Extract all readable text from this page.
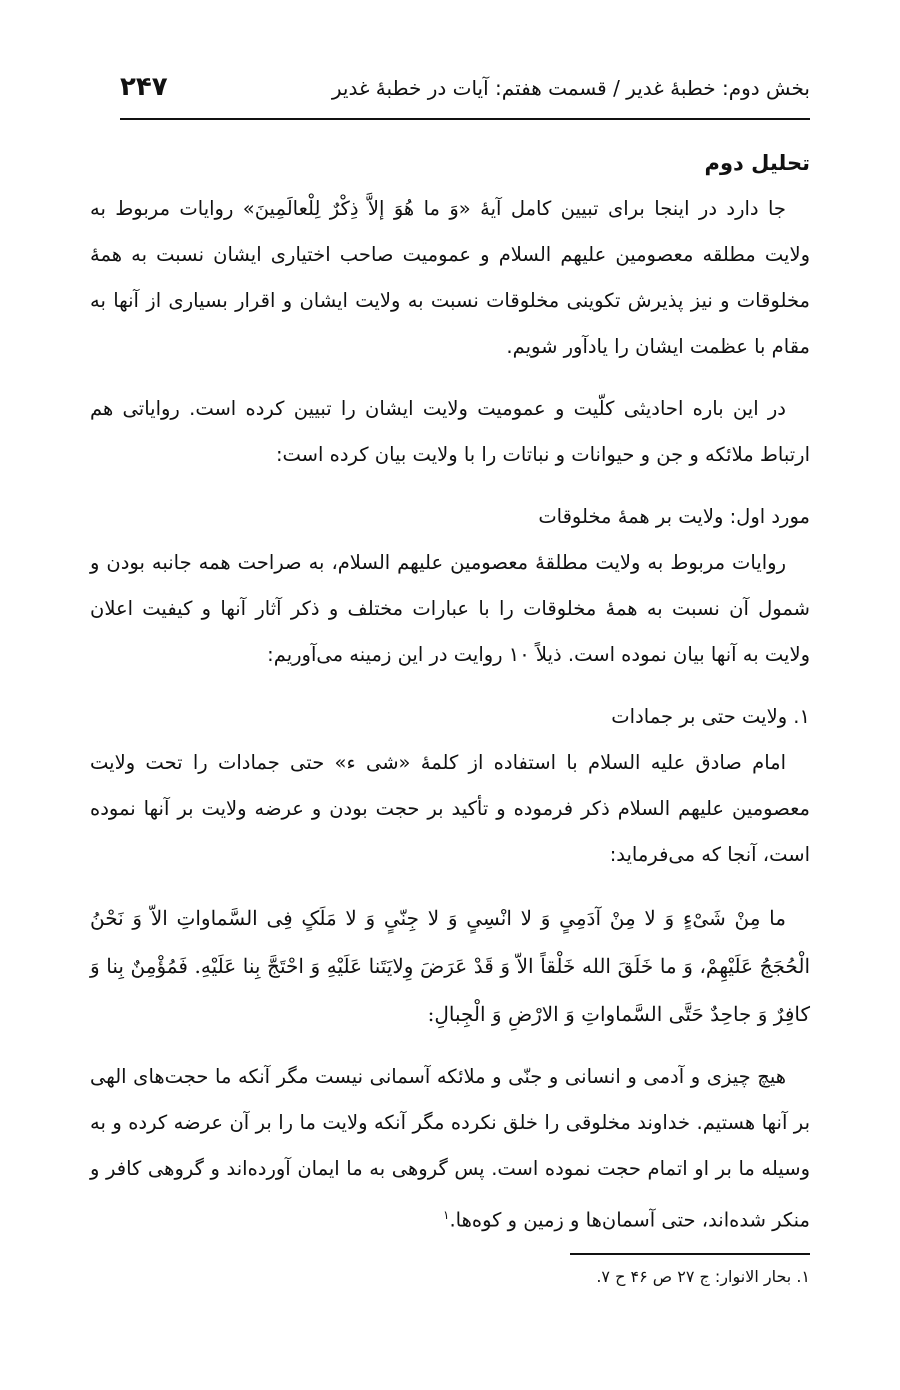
بخش دوم: خطبۀ غدیر / قسمت هفتم: آیات در خطبۀ غدیر
۲۴۷

تحلیل دوم

جا دارد در اینجا برای تبیین کامل آیۀ «وَ ما هُوَ إلاَّ ذِکْرٌ لِلْعالَمِینَ» روایات مربوط به ولایت مطلقه معصومین علیهم السلام و عمومیت صاحب اختیاری ایشان نسبت به همۀ مخلوقات و نیز پذیرش تکوینی مخلوقات نسبت به ولایت ایشان و اقرار بسیاری از آنها به مقام با عظمت ایشان را یادآور شویم.

در این باره احادیثی کلّیت و عمومیت ولایت ایشان را تبیین کرده است. روایاتی هم ارتباط ملائکه و جن و حیوانات و نباتات را با ولایت بیان کرده است:

مورد اول: ولایت بر همۀ مخلوقات

روایات مربوط به ولایت مطلقۀ معصومین علیهم السلام، به صراحت همه جانبه بودن و شمول آن نسبت به همۀ مخلوقات را با عبارات مختلف و ذکر آثار آنها و کیفیت اعلان ولایت به آنها بیان نموده است. ذیلاً ۱۰ روایت در این زمینه می‌آوریم:

۱. ولایت حتی بر جمادات

امام صادق علیه السلام با استفاده از کلمۀ «شی ء» حتی جمادات را تحت ولایت معصومین علیهم السلام ذکر فرموده و تأکید بر حجت بودن و عرضه ولایت بر آنها نموده است، آنجا که می‌فرماید:

ما مِنْ شَیْءٍ وَ لا مِنْ آدَمِیٍ وَ لا انْسِیٍ وَ لا جِنّیٍ وَ لا مَلَکٍ فِی السَّماواتِ الاّ وَ نَحْنُ الْحُجَجُ عَلَیْهِمْ، وَ ما خَلَقَ الله خَلْقاً الاّ وَ قَدْ عَرَضَ وِلایَتَنا عَلَیْهِ وَ احْتَجَّ بِنا عَلَیْهِ. فَمُؤْمِنٌ بِنا وَ کافِرٌ وَ جاحِدٌ حَتَّی السَّماواتِ وَ الارْضِ وَ الْجِبالِ:

هیچ چیزی و آدمی و انسانی و جنّی و ملائکه آسمانی نیست مگر آنکه ما حجت‌های الهی بر آنها هستیم. خداوند مخلوقی را خلق نکرده مگر آنکه ولایت ما را بر آن عرضه کرده و به وسیله ما بر او اتمام حجت نموده است. پس گروهی به ما ایمان آورده‌اند و گروهی کافر و منکر شده‌اند، حتی آسمان‌ها و زمین و کوه‌ها.$^۱$

۱. بحار الانوار: ج ۲۷ ص ۴۶ ح ۷.
